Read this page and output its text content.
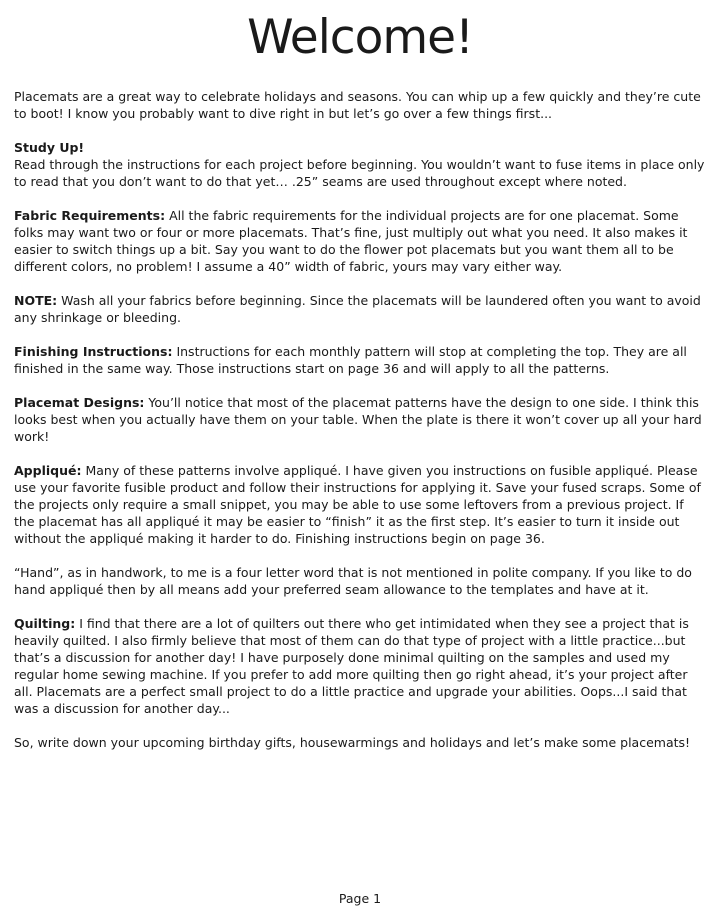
Welcome!

Placemats are a great way to celebrate holidays and seasons. You can whip up a few quickly and they’re cute to boot! I know you probably want to dive right in but let’s go over a few things first...

Study Up!
Read through the instructions for each project before beginning. You wouldn’t want to fuse items in place only to read that you don’t want to do that yet… .25” seams are used throughout except where noted.

Fabric Requirements: All the fabric requirements for the individual projects are for one placemat. Some folks may want two or four or more placemats. That’s fine, just multiply out what you need. It also makes it easier to switch things up a bit. Say you want to do the flower pot placemats but you want them all to be different colors, no problem! I assume a 40” width of fabric, yours may vary either way.

NOTE: Wash all your fabrics before beginning. Since the placemats will be laundered often you want to avoid any shrinkage or bleeding.

Finishing Instructions: Instructions for each monthly pattern will stop at completing the top. They are all finished in the same way. Those instructions start on page 36 and will apply to all the patterns.

Placemat Designs: You’ll notice that most of the placemat patterns have the design to one side. I think this looks best when you actually have them on your table. When the plate is there it won’t cover up all your hard work!

Appliqué: Many of these patterns involve appliqué. I have given you instructions on fusible appliqué. Please use your favorite fusible product and follow their instructions for applying it. Save your fused scraps. Some of the projects only require a small snippet, you may be able to use some leftovers from a previous project. If the placemat has all appliqué it may be easier to “finish” it as the first step. It’s easier to turn it inside out without the appliqué making it harder to do. Finishing instructions begin on page 36.

“Hand”, as in handwork, to me is a four letter word that is not mentioned in polite company. If you like to do hand appliqué then by all means add your preferred seam allowance to the templates and have at it.

Quilting: I find that there are a lot of quilters out there who get intimidated when they see a project that is heavily quilted. I also firmly believe that most of them can do that type of project with a little practice...but that’s a discussion for another day! I have purposely done minimal quilting on the samples and used my regular home sewing machine. If you prefer to add more quilting then go right ahead, it’s your project after all. Placemats are a perfect small project to do a little practice and upgrade your abilities. Oops...I said that was a discussion for another day...

So, write down your upcoming birthday gifts, housewarmings and holidays and let’s make some placemats!

Page 1
